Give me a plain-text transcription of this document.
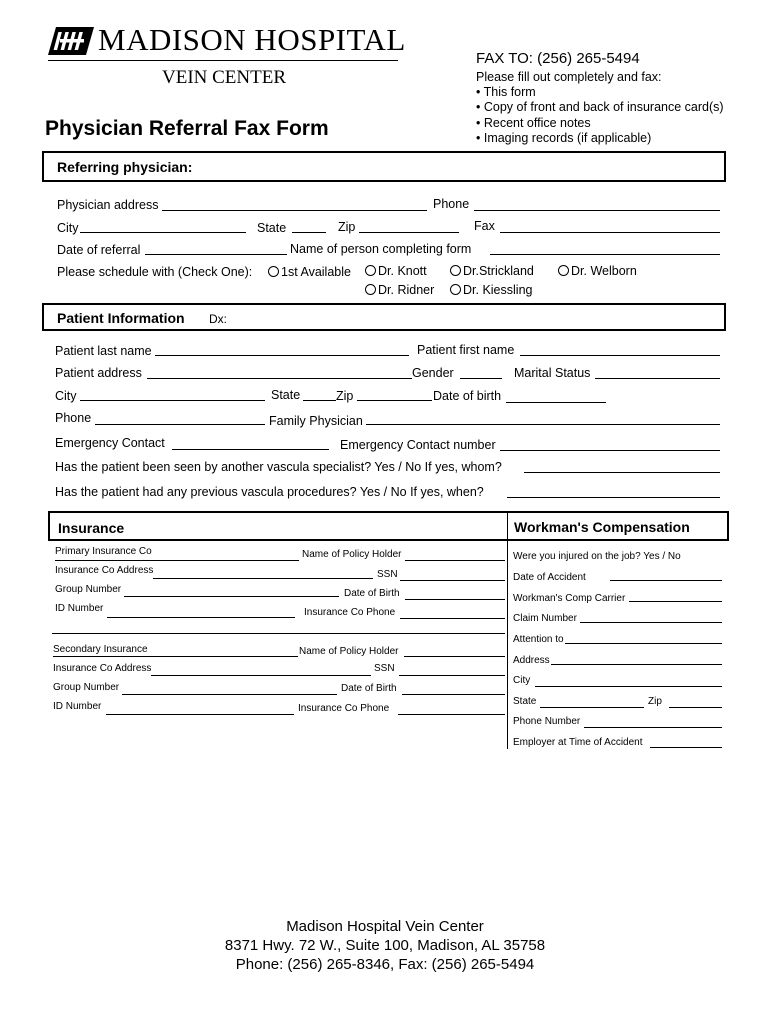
MADISON HOSPITAL
VEIN CENTER
Physician Referral Fax Form
FAX TO: (256) 265-5494
Please fill out completely and fax:
• This form
• Copy of front and back of insurance card(s)
• Recent office notes
• Imaging records (if applicable)
Referring physician:
Physician address	Phone
City	State	Zip	Fax
Date of referral	Name of person completing form
Please schedule with (Check One):	1st Available	Dr. Knott	Dr.Strickland	Dr. Welborn
Dr. Ridner	Dr. Kiessling
Patient Information Dx:
Patient last name	Patient first name
Patient address	Gender	Marital Status
City	State	Zip	Date of birth
Phone	Family Physician
Emergency Contact	Emergency Contact number
Has the patient been seen by another vascula specialist? Yes / No If yes, whom?
Has the patient had any previous vascula procedures? Yes / No If yes, when?
Insurance	Workman's Compensation
Primary Insurance Co	Name of Policy Holder
Insurance Co Address	SSN
Group Number	Date of Birth
ID Number	Insurance Co Phone
Secondary Insurance	Name of Policy Holder
Insurance Co Address	SSN
Group Number	Date of Birth
ID Number	Insurance Co Phone
Were you injured on the job? Yes / No
Date of Accident
Workman's Comp Carrier
Claim Number
Attention to
Address
City
State	Zip
Phone Number
Employer at Time of Accident
Madison Hospital Vein Center
8371 Hwy. 72 W., Suite 100, Madison, AL 35758
Phone: (256) 265-8346, Fax: (256) 265-5494
